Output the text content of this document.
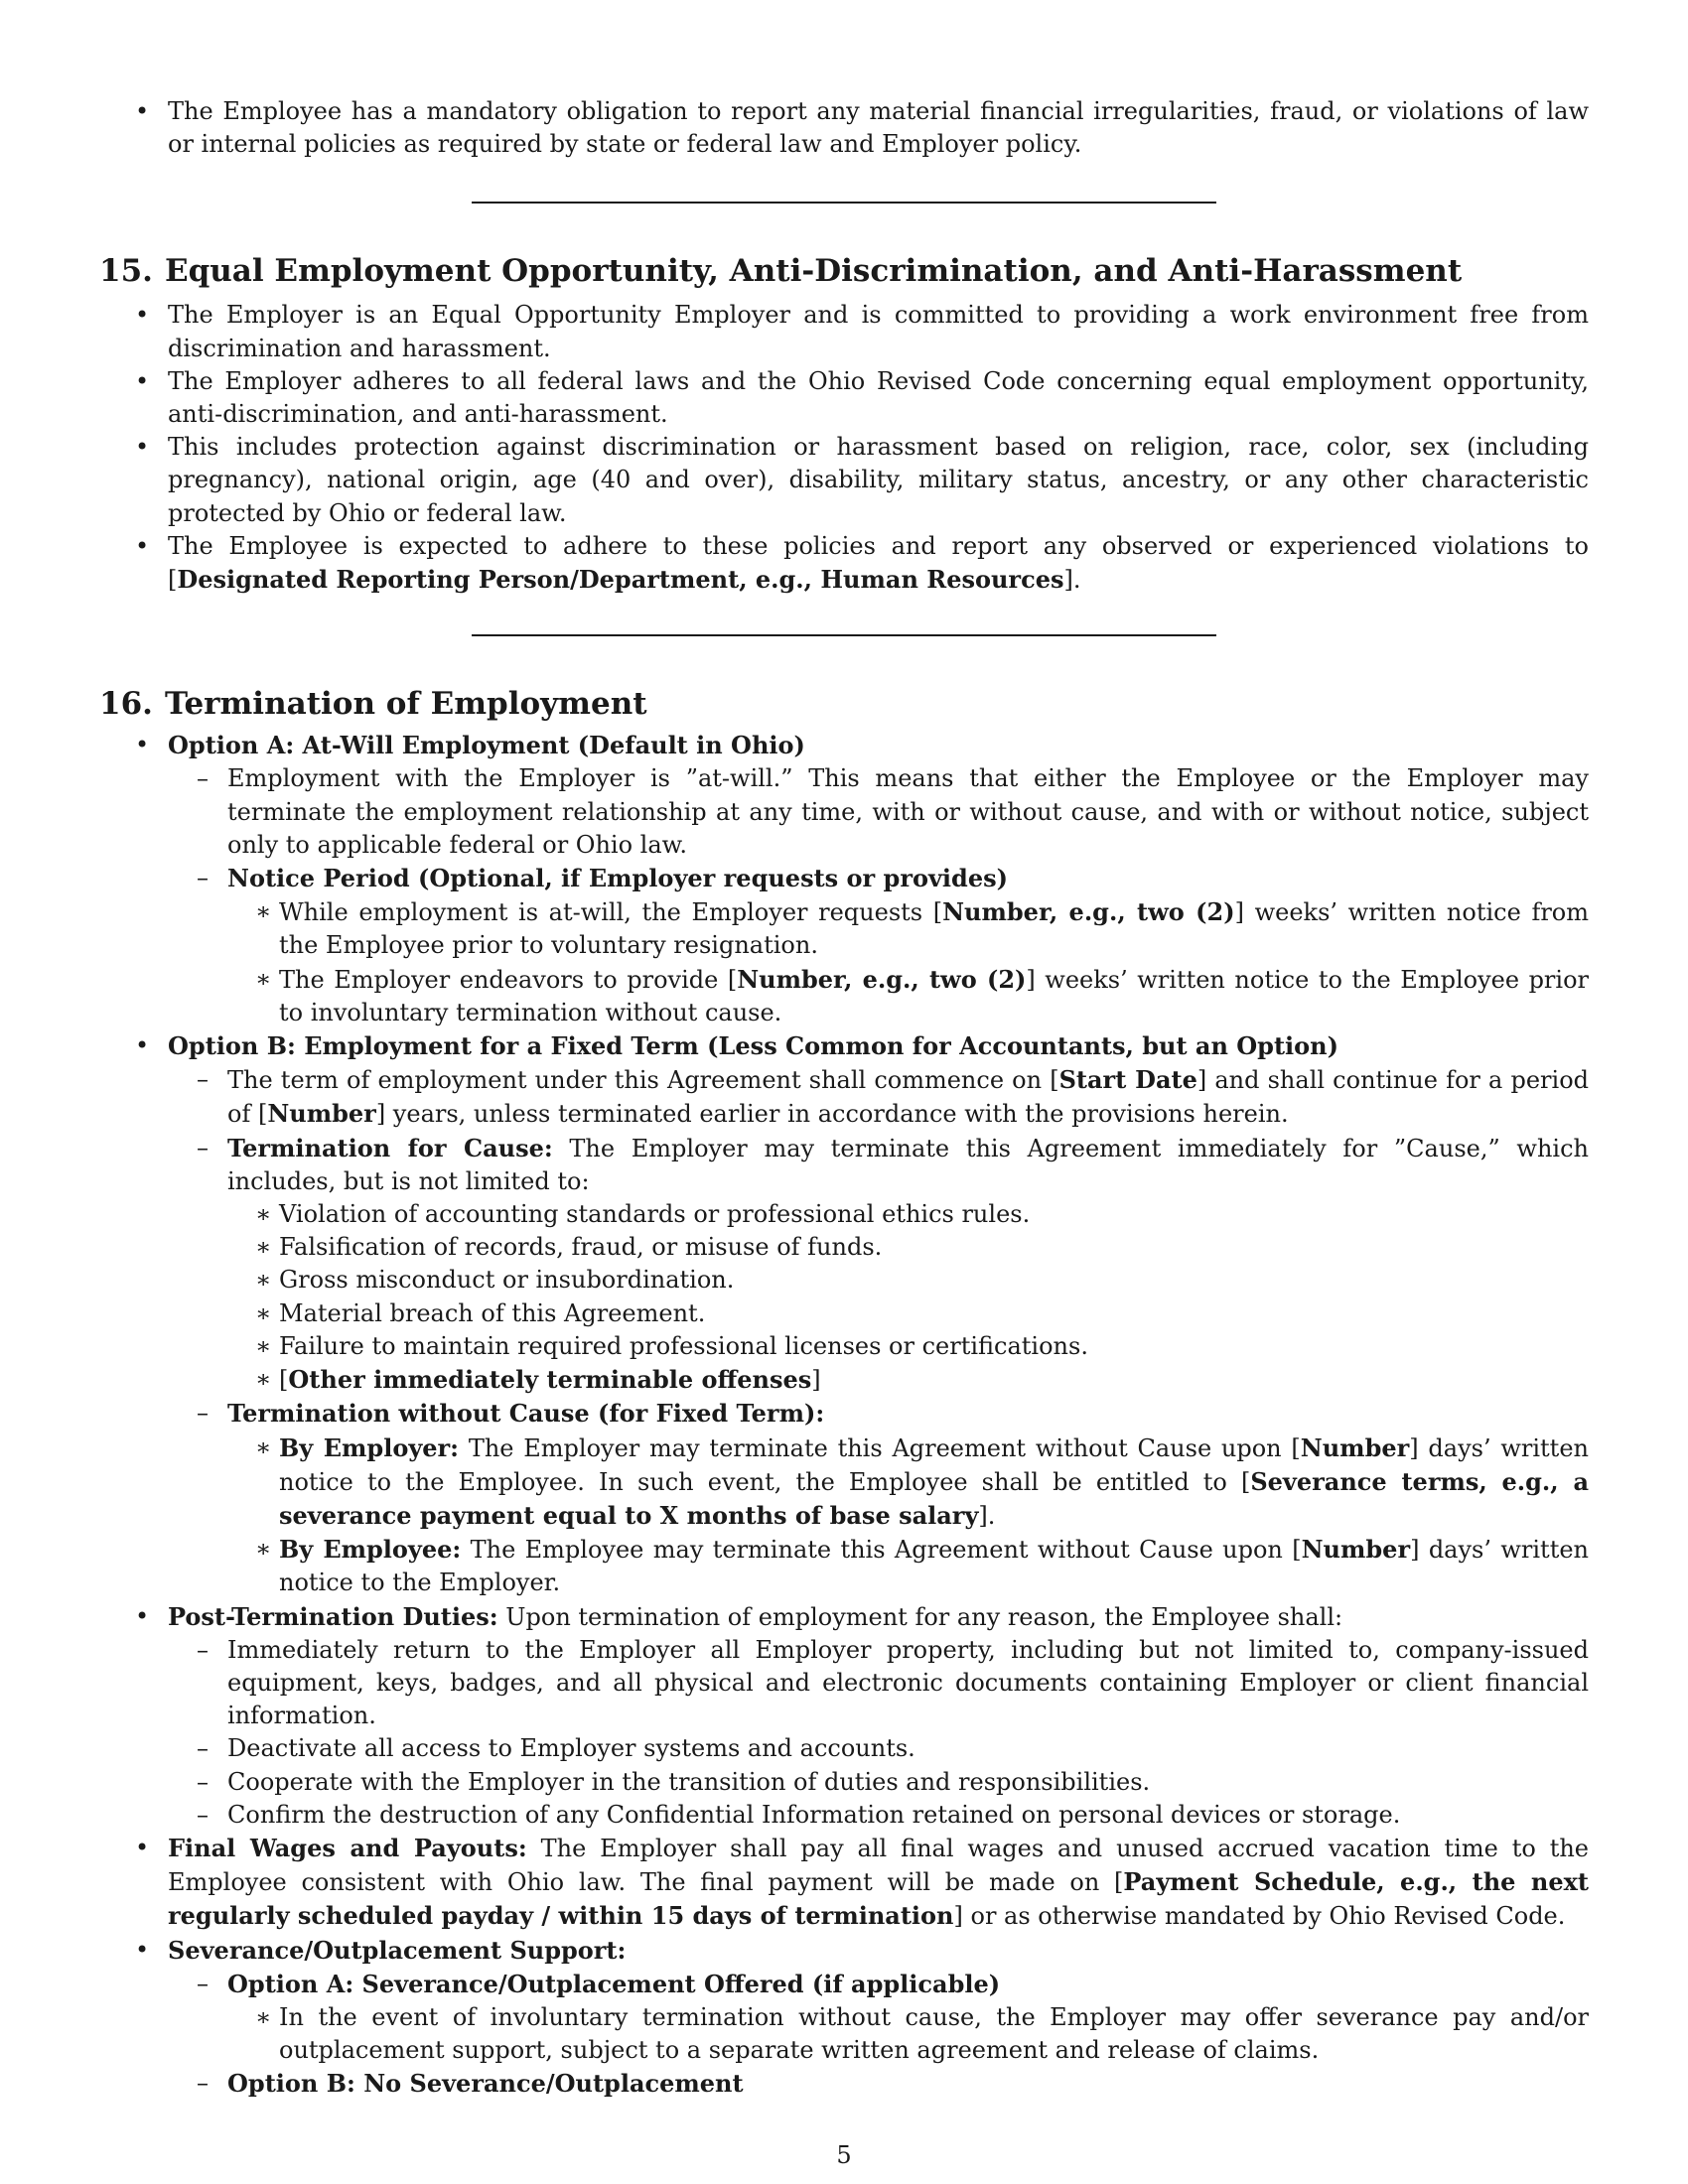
• The Employee has a mandatory obligation to report any material financial irregularities, fraud, or violations of law or internal policies as required by state or federal law and Employer policy.
15. Equal Employment Opportunity, Anti-Discrimination, and Anti-Harassment
• The Employer is an Equal Opportunity Employer and is committed to providing a work environment free from discrimination and harassment.
• The Employer adheres to all federal laws and the Ohio Revised Code concerning equal employment opportunity, anti-discrimination, and anti-harassment.
• This includes protection against discrimination or harassment based on religion, race, color, sex (including pregnancy), national origin, age (40 and over), disability, military status, ancestry, or any other characteristic protected by Ohio or federal law.
• The Employee is expected to adhere to these policies and report any observed or experienced violations to [Designated Reporting Person/Department, e.g., Human Resources].
16. Termination of Employment
• Option A: At-Will Employment (Default in Ohio)
– Employment with the Employer is ”at-will.” This means that either the Employee or the Employer may terminate the employment relationship at any time, with or without cause, and with or without notice, subject only to applicable federal or Ohio law.
– Notice Period (Optional, if Employer requests or provides)
∗ While employment is at-will, the Employer requests [Number, e.g., two (2)] weeks’ written notice from the Employee prior to voluntary resignation.
∗ The Employer endeavors to provide [Number, e.g., two (2)] weeks’ written notice to the Employee prior to involuntary termination without cause.
• Option B: Employment for a Fixed Term (Less Common for Accountants, but an Option)
– The term of employment under this Agreement shall commence on [Start Date] and shall continue for a period of [Number] years, unless terminated earlier in accordance with the provisions herein.
– Termination for Cause: The Employer may terminate this Agreement immediately for ”Cause,” which includes, but is not limited to:
∗ Violation of accounting standards or professional ethics rules.
∗ Falsification of records, fraud, or misuse of funds.
∗ Gross misconduct or insubordination.
∗ Material breach of this Agreement.
∗ Failure to maintain required professional licenses or certifications.
∗ [Other immediately terminable offenses]
– Termination without Cause (for Fixed Term):
∗ By Employer: The Employer may terminate this Agreement without Cause upon [Number] days’ written notice to the Employee. In such event, the Employee shall be entitled to [Severance terms, e.g., a severance payment equal to X months of base salary].
∗ By Employee: The Employee may terminate this Agreement without Cause upon [Number] days’ written notice to the Employer.
• Post-Termination Duties: Upon termination of employment for any reason, the Employee shall:
– Immediately return to the Employer all Employer property, including but not limited to, company-issued equipment, keys, badges, and all physical and electronic documents containing Employer or client financial information.
– Deactivate all access to Employer systems and accounts.
– Cooperate with the Employer in the transition of duties and responsibilities.
– Confirm the destruction of any Confidential Information retained on personal devices or storage.
• Final Wages and Payouts: The Employer shall pay all final wages and unused accrued vacation time to the Employee consistent with Ohio law. The final payment will be made on [Payment Schedule, e.g., the next regularly scheduled payday / within 15 days of termination] or as otherwise mandated by Ohio Revised Code.
• Severance/Outplacement Support:
– Option A: Severance/Outplacement Offered (if applicable)
∗ In the event of involuntary termination without cause, the Employer may offer severance pay and/or outplacement support, subject to a separate written agreement and release of claims.
– Option B: No Severance/Outplacement
5
